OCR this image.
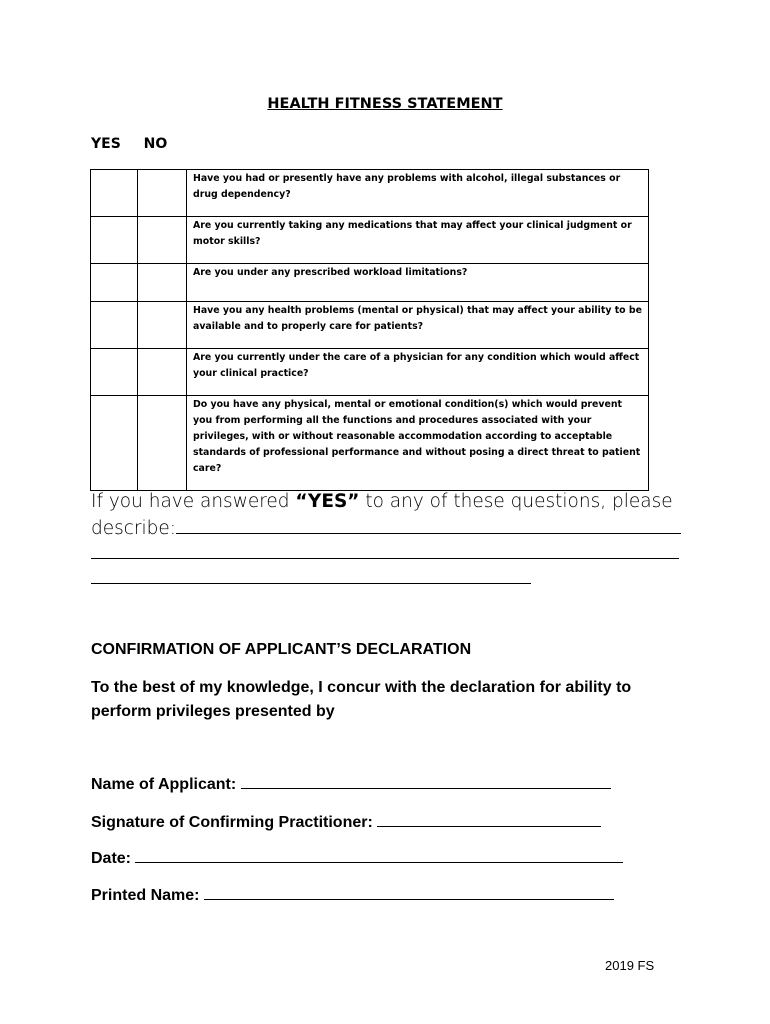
HEALTH FITNESS STATEMENT
YES NO
		Have you had or presently have any problems with alcohol, illegal substances or drug dependency?
		Are you currently taking any medications that may affect your clinical judgment or motor skills?
		Are you under any prescribed workload limitations?
		Have you any health problems (mental or physical) that may affect your ability to be available and to properly care for patients?
		Are you currently under the care of a physician for any condition which would affect your clinical practice?
		Do you have any physical, mental or emotional condition(s) which would prevent you from performing all the functions and procedures associated with your privileges, with or without reasonable accommodation according to acceptable standards of professional performance and without posing a direct threat to patient care?
If you have answered “YES” to any of these questions, please
describe:
CONFIRMATION OF APPLICANT’S DECLARATION
To the best of my knowledge, I concur with the declaration for ability to perform privileges presented by
Name of Applicant:
Signature of Confirming Practitioner:
Date:
Printed Name:
2019 FS
